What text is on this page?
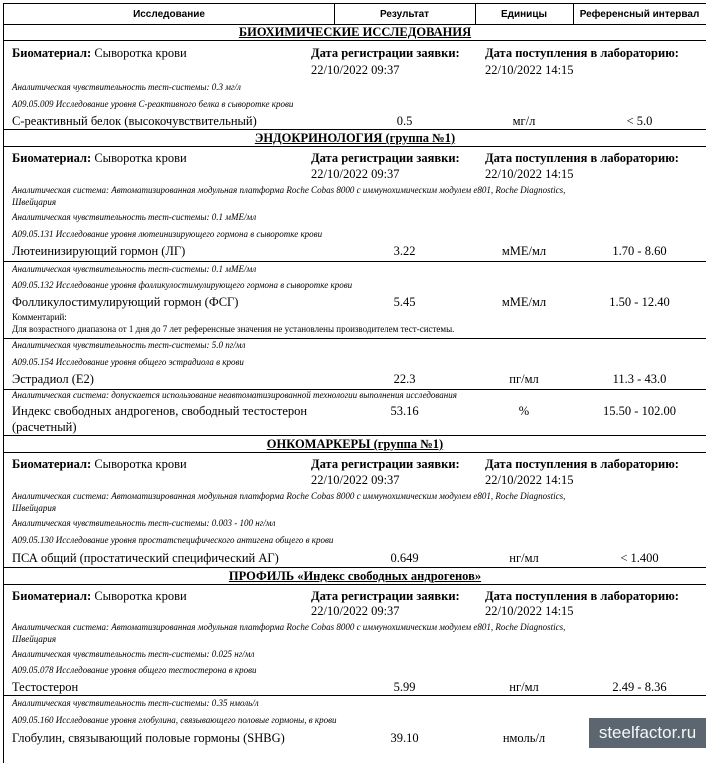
Исследование	Результат	Единицы	Референсный интервал
БИОХИМИЧЕСКИЕ ИССЛЕДОВАНИЯ
Биоматериал: Сыворотка крови	Дата регистрации заявки:
22/10/2022 09:37
Дата поступления в лабораторию:
22/10/2022 14:15
Аналитическая чувствительность тест-системы: 0.3 мг/л
А09.05.009 Исследование уровня С-реактивного белка в сыворотке крови
С-реактивный белок (высокочувствительный)	0.5	мг/л	< 5.0
ЭНДОКРИНОЛОГИЯ (группа №1)
Биоматериал: Сыворотка крови	Дата регистрации заявки:
22/10/2022 09:37
Дата поступления в лабораторию:
22/10/2022 14:15
Аналитическая система: Автоматизированная модульная платформа Roche Cobas 8000 с иммунохимическим модулем e801, Roche Diagnostics,
Швейцария
Аналитическая чувствительность тест-системы: 0.1 мМЕ/мл
А09.05.131 Исследование уровня лютеинизирующего гормона в сыворотке крови
Лютеинизирующий гормон (ЛГ)	3.22	мМЕ/мл	1.70 - 8.60
Аналитическая чувствительность тест-системы: 0.1 мМЕ/мл
А09.05.132 Исследование уровня фолликулостимулирующего гормона в сыворотке крови
Фолликулостимулирующий гормон (ФСГ)	5.45	мМЕ/мл	1.50 - 12.40
Комментарий:
Для возрастного диапазона от 1 дня до 7 лет референсные значения не установлены производителем тест-системы.
Аналитическая чувствительность тест-системы: 5.0 пг/мл
А09.05.154 Исследование уровня общего эстрадиола в крови
Эстрадиол (Е2)	22.3	пг/мл	11.3 - 43.0
Аналитическая система: допускается использование неавтоматизированной технологии выполнения исследования
Индекс свободных андрогенов, свободный тестостерон
(расчетный)
53.16	%	15.50 - 102.00
ОНКОМАРКЕРЫ (группа №1)
Биоматериал: Сыворотка крови	Дата регистрации заявки:
22/10/2022 09:37
Дата поступления в лабораторию:
22/10/2022 14:15
Аналитическая система: Автоматизированная модульная платформа Roche Cobas 8000 с иммунохимическим модулем e801, Roche Diagnostics,
Швейцария
Аналитическая чувствительность тест-системы: 0.003 - 100 нг/мл
А09.05.130 Исследование уровня простатспецифического антигена общего в крови
ПСА общий (простатический специфический АГ)	0.649	нг/мл	< 1.400
ПРОФИЛЬ «Индекс свободных андрогенов»
Биоматериал: Сыворотка крови	Дата регистрации заявки:
22/10/2022 09:37
Дата поступления в лабораторию:
22/10/2022 14:15
Аналитическая система: Автоматизированная модульная платформа Roche Cobas 8000 с иммунохимическим модулем e801, Roche Diagnostics,
Швейцария
Аналитическая чувствительность тест-системы: 0.025 нг/мл
А09.05.078 Исследование уровня общего тестостерона в крови
Тестостерон	5.99	нг/мл	2.49 - 8.36
Аналитическая чувствительность тест-системы: 0.35 нмоль/л
А09.05.160 Исследование уровня глобулина, связывающего половые гормоны, в крови
Глобулин, связывающий половые гормоны (SHBG)	39.10	нмоль/л	steelfactor.ru
